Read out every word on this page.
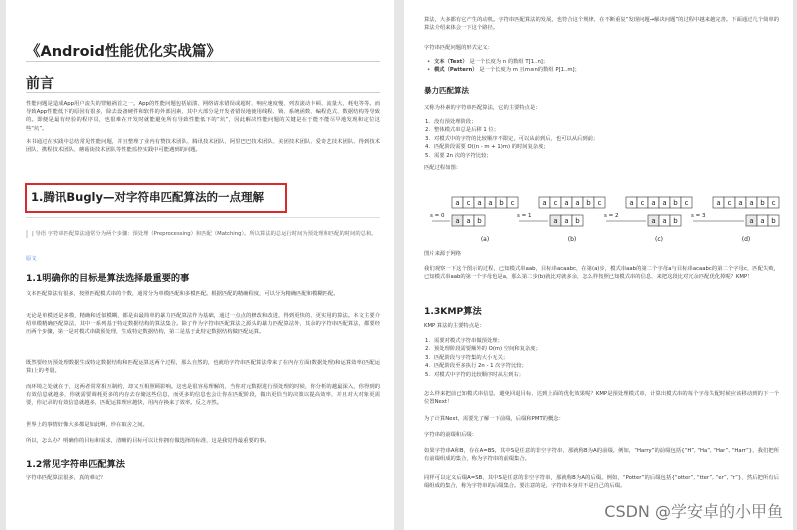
《Android性能优化实战篇》
前言
性能问题是造成App用户流失的罪魁祸首之一。App的性能问题包括崩溃、网络请求错误或超时、响应速度慢、列表滚动卡顿、流量大、耗电等等。而导致App性能低下的原因有很多，除去设备硬件和软件的外部因素，其中大部分是开发者错误地使用线程、锁、系统函数、编程范式、数据结构等导致的。即便是最有经验的程序员，也很难在开发时就能避免所有导致性能低下的“坑”，因此解决性能问题的关键是在于能不能尽早地发现和定位这些“坑”。
本书通过在实践中总结常见性能问题，并且整理了业内有赞技术团队、腾讯技术团队、阿里巴巴技术团队、美团技术团队、爱奇艺技术团队、得到技术团队、携程技术团队、蘑菇街技术团队等性能监控实践中可能遇到的问题。
1.腾讯Bugly—对字符串匹配算法的一点理解
| 导语 字符串匹配算法通常分为两个步骤：预处理（Preprocessing）和匹配（Matching）。所以算法的总运行时间为预处理和匹配的时间的总和。
原文
1.1明确你的目标是算法选择最重要的事
文本匹配算法有很多，按照匹配模式串的个数，通常分为单模匹配和多模匹配。根据匹配的精确程度，可以分为精确匹配和模糊匹配。
无论是单模还是多模，精确和近似模糊，都是由最简单的暴力匹配算法作为基础，通过一点点的修改和改进，得到更快的、更实用的算法。本文主要介绍单模精确匹配算法，其中一系列基于特定数据结构的算法集合。除了作为字符串匹配算法之源头的暴力匹配算法外，其余的字符串匹配算法，都要经历两个步骤，第一是对模式串做预处理，生成特定数据结构，第二是基于此特定数据结构做匹配运算。
既然要经历预处理数据生成特定数据结构和匹配运算这两个过程，那么自然的，也就给字符串匹配算法带来了在内存方面(数据处理)和运算效率(匹配运算)上的考量。
而环境之处就在于，这两者常常相互制约，却又互相照顾影响。这也是很容易理解的，当你对元数据进行预处理的时候，你分析的越最深入，你得到的有效信息就越多，你就需要调耗更多的内存去存储这些信息，而更多的信息也会让你在匹配阶段，做出更恰当的决策以提高效率，并且对大对象更需要，你记录的有效信息就越多，匹配运算理应越快，用内存换来了效率。反之亦然。
世界上的事情好像大多都是如此啊，珍在取舍之间。
所以，怎么办？明确你的目标和需求，清晰的目标可以让你拥有做选择的标准，这是我觉得最重要的事。
1.2常见字符串匹配算法
字符串匹配算法很多，真的难记？
算法，大多都有它产生的动机。字符串匹配算法的发展，也符合这个规律，在不断重复“发现问题→解决问题”的过程中越来越完善。下面通过几个简单的算法介绍来体会一下这个路径。
字符串匹配问题的形式定义：
• 文本（Text） 是一个长度为 n 的数组 T[1..n]；
• 模式（Pattern） 是一个长度为 m 且m≤n的数组 P[1..m]；
暴力匹配算法
又称为朴素的字符串匹配算法，它的主要特点是：
1. 没有预处理阶段；
2. 整体模式串总是后移 1 位；
3. 对模式中的字符的比较顺序不限定，可以从前到后，也可以从后到前；
4. 匹配阶段需要 O((n - m + 1)m) 的时间复杂度；
5. 需要 2n 次的字符比较；
匹配过程如图：
a c a a b c
a a b
s = 0
(a)
a c a a b c
a a b
s = 1
(b)
a c a a b c
a a b
s = 2
(c)
a c a a b c
a a b
s = 3
(d)
图片来源于网络
我们观察一下这个图示的过程，已知模式串aab，目标串acaabc，在第(a)步，模式串aab的第二个字母a与目标串acaabc的第二个字母c，匹配失败，已知模式串aab的第一个字母也是a，那么第二步(b)就比对就多余，怎么样按照已知模式串的信息，来把这段比对冗余匹配优化掉呢？KMP！
1.3KMP算法
KMP 算法的主要特点是：
1. 需要对模式字符串做预处理；
2. 预处理阶段需要额外的 O(m) 空间和复杂度；
3. 匹配阶段与字符集的大小无关；
4. 匹配阶段至多执行 2n - 1 次字符比较；
5. 对模式中字符的比较顺序时从左到右；
怎么样来把前已知模式串信息，避免回退目标，达到上面的优化效果呢？KMP是预处理模式串，计算出模式串的每个字母失配时候应该移动到的下一个位置Next！
为了计算Next，需要先了解一下前缀，后缀和PMT的概念：
字符串的前缀和后缀：
如果字符串A和B，存在A=BS，其中S是任意的非空字符串，那就称B为A的前缀。例如，“Harry”的前缀包括{“H”, “Ha”, “Har”, “Harr”}，我们把所有前缀组成的集合，称为字符串的前缀集合。
同样可以定义后缀A=SB，其中S是任意的非空字符串，那就称B为A的后缀。例如，“Potter”的后缀包括{“otter”, “tter”, “er”, “r”}，然后把所有后缀组成的集合，称为字符串的后缀集合。要注意的是，字符串本身并不是自己的后缀。
CSDN @学安卓的小甲鱼
